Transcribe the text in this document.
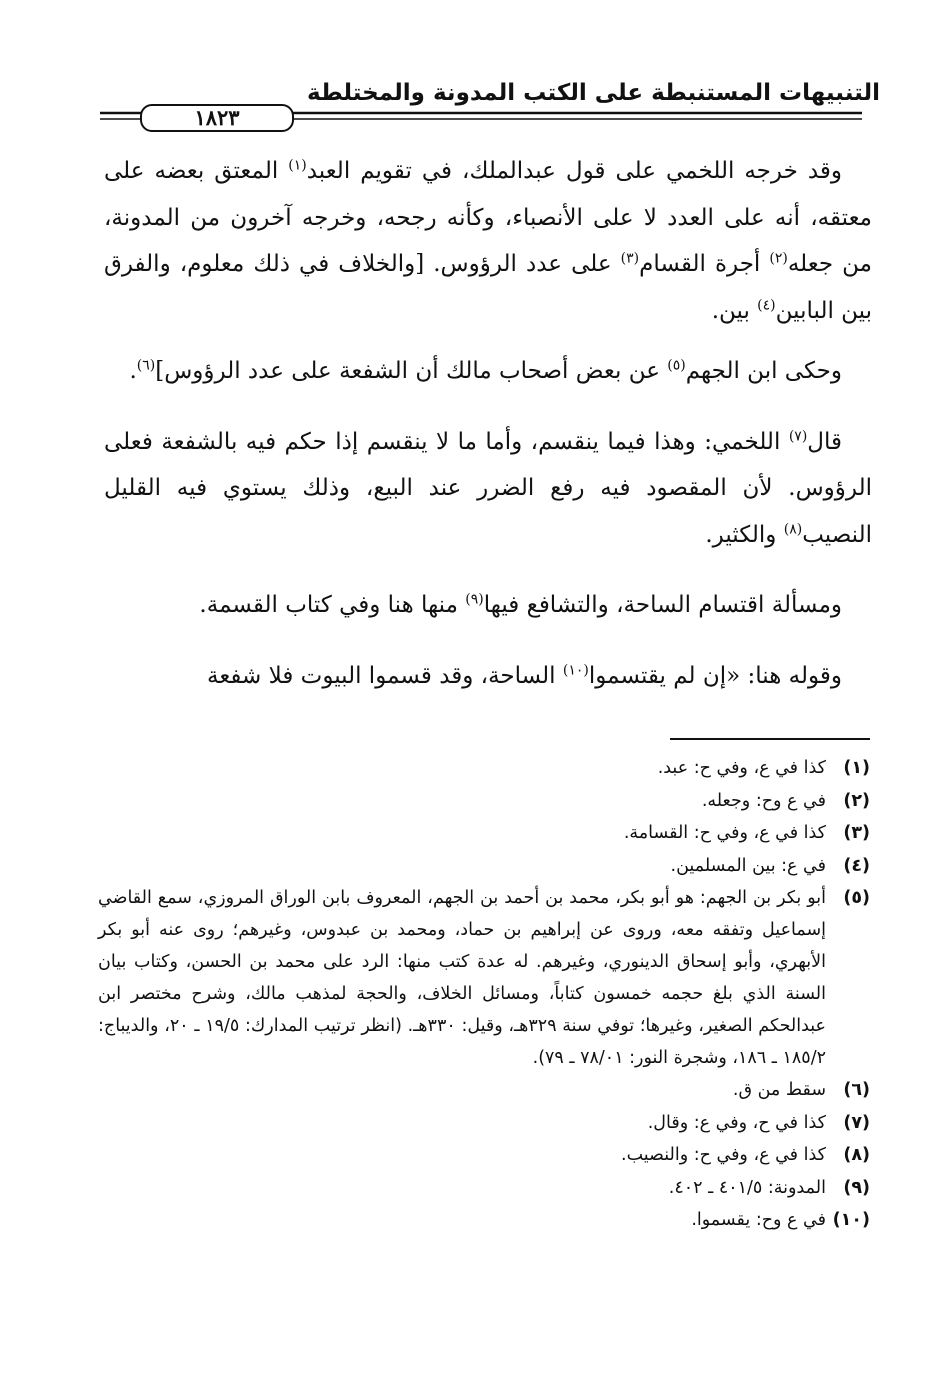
التنبيهات المستنبطة على الكتب المدونة والمختلطة
١٨٢٣

وقد خرجه اللخمي على قول عبدالملك، في تقويم العبد$^{(١)}$ المعتق بعضه على معتقه، أنه على العدد لا على الأنصباء، وكأنه رجحه، وخرجه آخرون من المدونة، من جعله$^{(٢)}$ أجرة القسام$^{(٣)}$ على عدد الرؤوس. [والخلاف في ذلك معلوم، والفرق بين البابين$^{(٤)}$ بين.

وحكى ابن الجهم$^{(٥)}$ عن بعض أصحاب مالك أن الشفعة على عدد الرؤوس]$^{(٦)}$.

قال$^{(٧)}$ اللخمي: وهذا فيما ينقسم، وأما ما لا ينقسم إذا حكم فيه بالشفعة فعلى الرؤوس. لأن المقصود فيه رفع الضرر عند البيع، وذلك يستوي فيه القليل النصيب$^{(٨)}$ والكثير.

ومسألة اقتسام الساحة، والتشافع فيها$^{(٩)}$ منها هنا وفي كتاب القسمة.

وقوله هنا: «إن لم يقتسموا$^{(١٠)}$ الساحة، وقد قسموا البيوت فلا شفعة

(١)
كذا في ع، وفي ح: عبد.
(٢)
في ع وح: وجعله.
(٣)
كذا في ع، وفي ح: القسامة.
(٤)
في ع: بين المسلمين.
(٥)
أبو بكر بن الجهم: هو أبو بكر، محمد بن أحمد بن الجهم، المعروف بابن الوراق المروزي، سمع القاضي إسماعيل وتفقه معه، وروى عن إبراهيم بن حماد، ومحمد بن عبدوس، وغيرهم؛ روى عنه أبو بكر الأبهري، وأبو إسحاق الدينوري، وغيرهم. له عدة كتب منها: الرد على محمد بن الحسن، وكتاب بيان السنة الذي بلغ حجمه خمسون كتاباً، ومسائل الخلاف، والحجة لمذهب مالك، وشرح مختصر ابن عبدالحكم الصغير، وغيرها؛ توفي سنة ٣٢٩هـ، وقيل: ٣٣٠هـ. (انظر ترتيب المدارك: ١٩/٥ ـ ٢٠، والديباج: ١٨٥/٢ ـ ١٨٦، وشجرة النور: ٧٨/٠١ ـ ٧٩).
(٦)
سقط من ق.
(٧)
كذا في ح، وفي ع: وقال.
(٨)
كذا في ع، وفي ح: والنصيب.
(٩)
المدونة: ٤٠١/٥ ـ ٤٠٢.
(١٠)
في ع وح: يقسموا.
